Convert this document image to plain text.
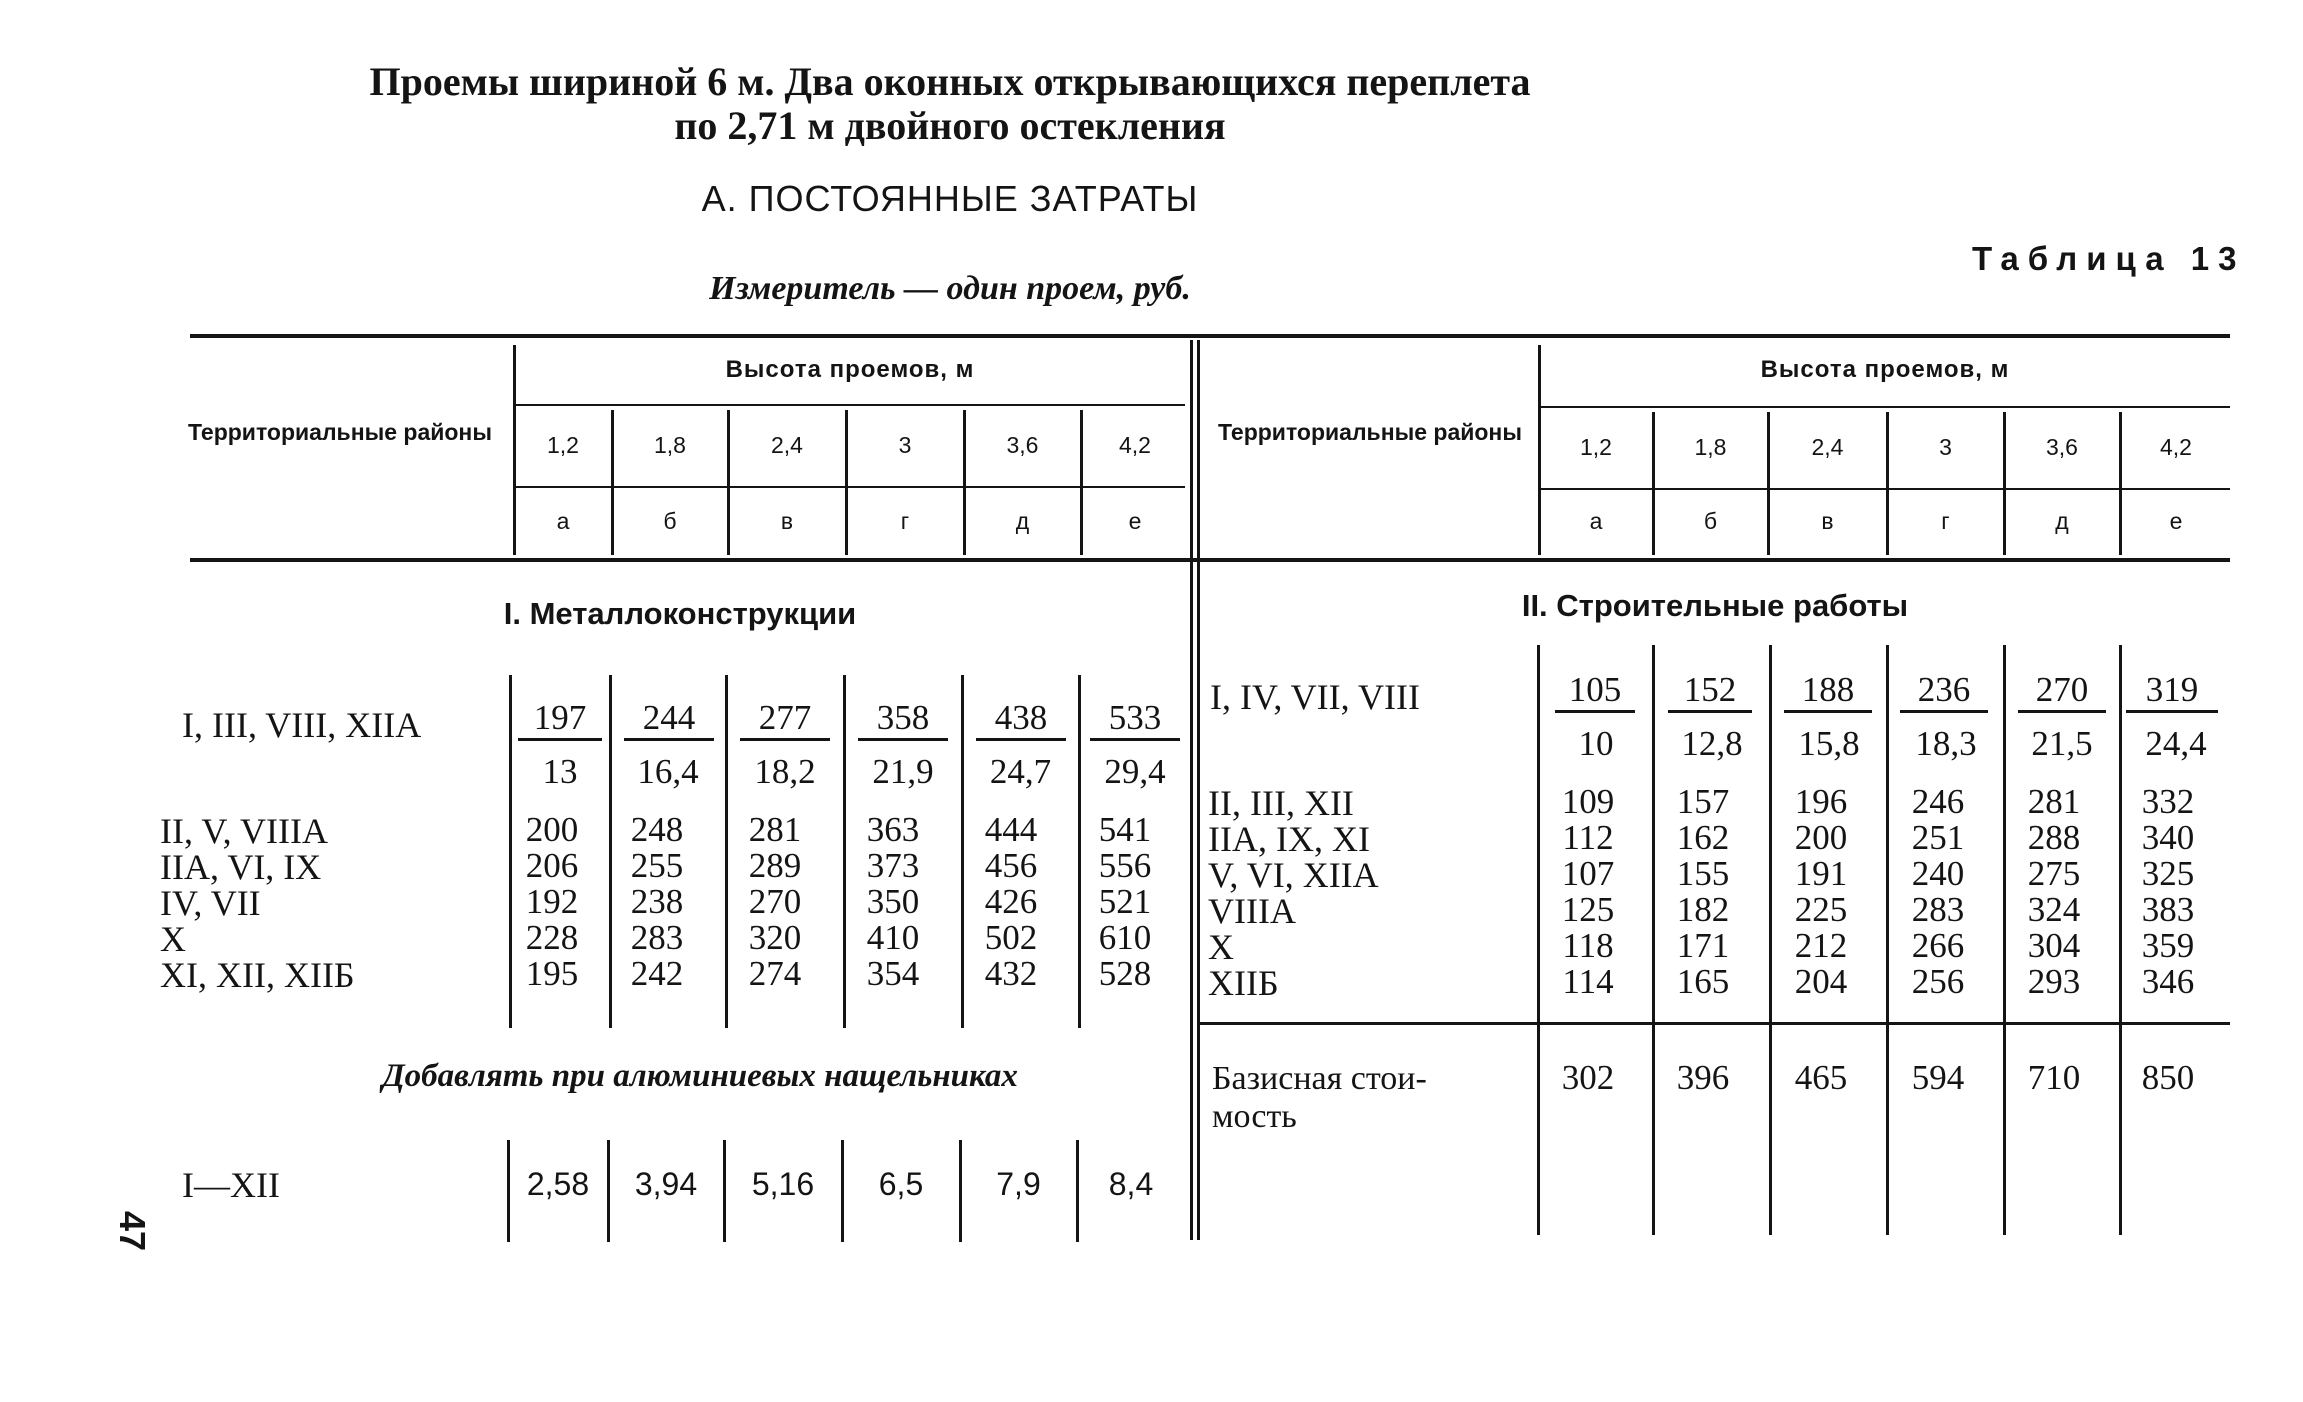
Проемы шириной 6 м. Два оконных открывающихся переплета
по 2,71 м двойного остекления
А. ПОСТОЯННЫЕ ЗАТРАТЫ
Таблица 13
Измеритель — один проем, руб.
Территориальные районы
Высота проемов, м
Территориальные районы
Высота проемов, м
1,2	1,8	2,4	3	3,6	4,2
а	б	в	г	д	е
1,2	1,8	2,4	3	3,6	4,2
а	б	в	г	д	е
I. Металлоконструкции	II. Строительные работы
I, III, VIII, XIIA	197	244	277	358	438	533
13	16,4	18,2	21,9	24,7	29,4
II, V, VIIIA	200	248	281	363	444	541
IIA, VI, IX	206	255	289	373	456	556
IV, VII	192	238	270	350	426	521
X	228	283	320	410	502	610
XI, XII, XIIБ	195	242	274	354	432	528
Добавлять при алюминиевых нащельниках
I—XII	2,58	3,94	5,16	6,5	7,9	8,4
I, IV, VII, VIII	105	152	188	236	270	319
10	12,8	15,8	18,3	21,5	24,4
II, III, XII	109	157	196	246	281	332
IIA, IX, XI	112	162	200	251	288	340
V, VI, XIIA	107	155	191	240	275	325
VIIIA	125	182	225	283	324	383
X	118	171	212	266	304	359
XIIБ	114	165	204	256	293	346
Базисная стои-
мость
302	396	465	594	710	850
47
